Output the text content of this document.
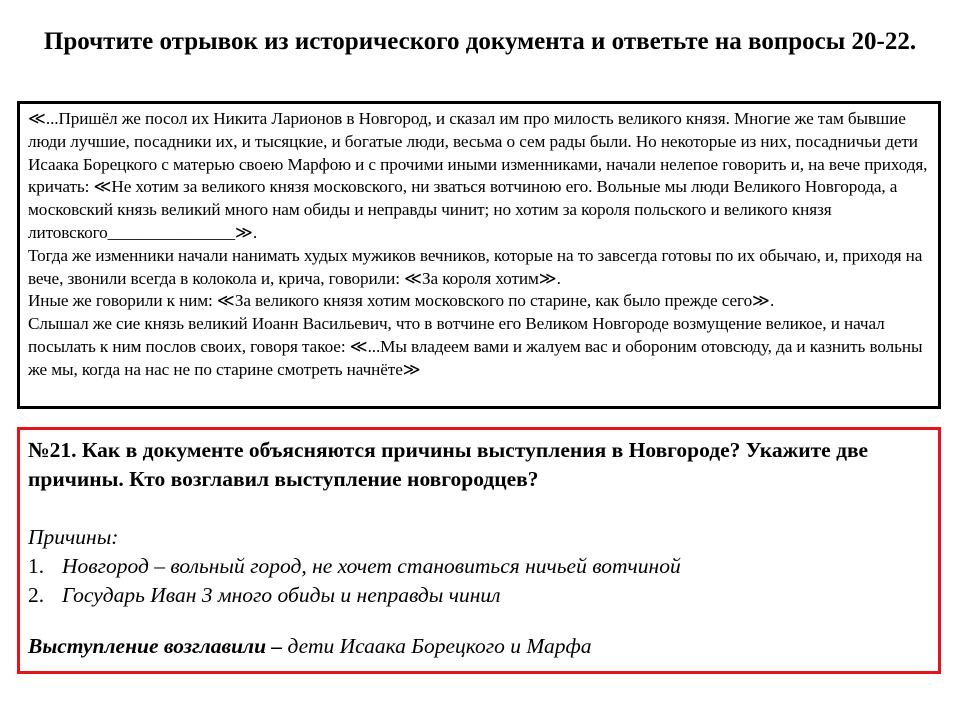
Прочтите отрывок из исторического документа и ответьте на вопросы 20-22.

≪...Пришёл же посол их Никита Ларионов в Новгород, и сказал им про милость великого князя. Многие же там бывшие люди лучшие, посадники их, и тысяцкие, и богатые люди, весьма о сем рады были. Но некоторые из них, посадничьи дети Исаака Борецкого с матерью своею Марфою и с прочими иными изменниками, начали нелепое говорить и, на вече приходя, кричать: ≪Не хотим за великого князя московского, ни зваться вотчиною его. Вольные мы люди Великого Новгорода, а московский князь великий много нам обиды и неправды чинит; но хотим за короля польского и великого князя литовского_______________≫.

Тогда же изменники начали нанимать худых мужиков вечников, которые на то завсегда готовы по их обычаю, и, приходя на вече, звонили всегда в колокола и, крича, говорили: ≪За короля хотим≫.

Иные же говорили к ним: ≪За великого князя хотим московского по старине, как было прежде сего≫.

Слышал же сие князь великий Иоанн Васильевич, что в вотчине его Великом Новгороде возмущение великое, и начал посылать к ним послов своих, говоря такое: ≪...Мы владеем вами и жалуем вас и обороним отовсюду, да и казнить вольны же мы, когда на нас не по старине смотреть начнёте≫

№21. Как в документе объясняются причины выступления в Новгороде? Укажите две причины. Кто возглавил выступление новгородцев?

Причины:

1. Новгород – вольный город, не хочет становиться ничьей вотчиной
2. Государь Иван 3 много обиды и неправды чинил

Выступление возглавили – дети Исаака Борецкого и Марфа
